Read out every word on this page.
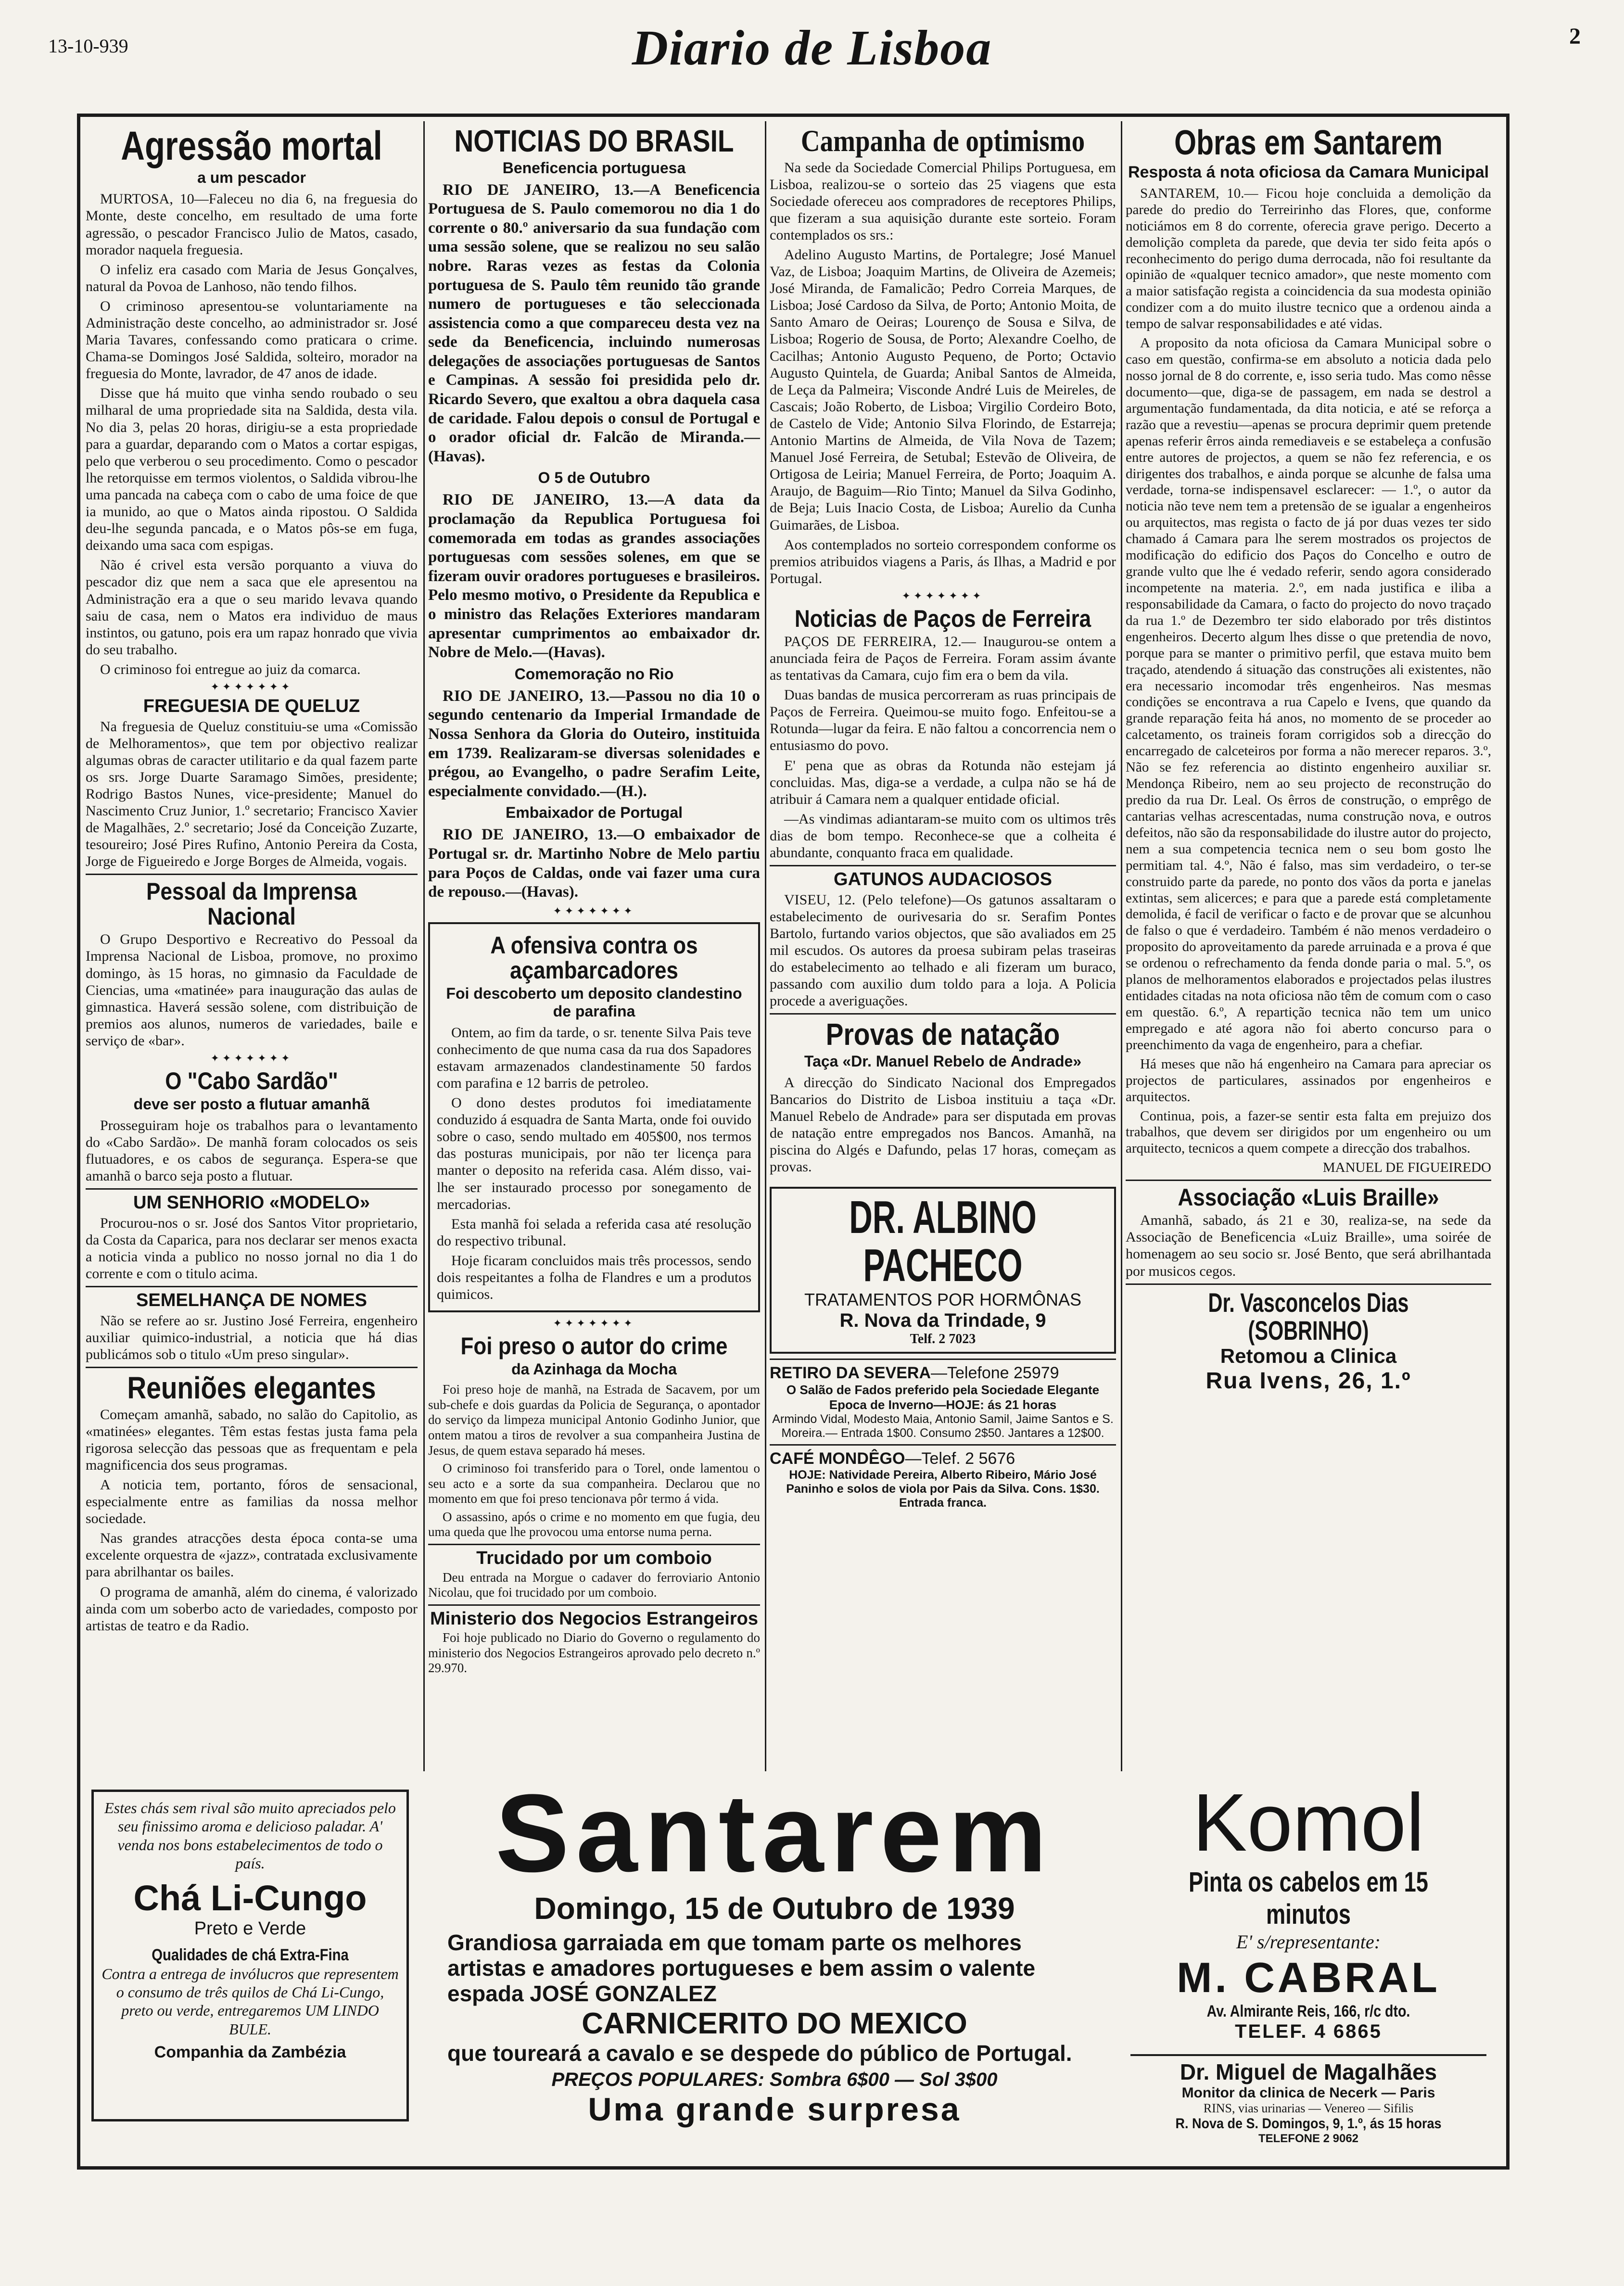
13-10-939	Diario de Lisboa	2
Agressão mortal
a um pescador

MURTOSA, 10—Faleceu no dia 6, na freguesia do Monte, deste concelho, em resultado de uma forte agressão, o pescador Francisco Julio de Matos, casado, morador naquela freguesia.

O infeliz era casado com Maria de Jesus Gonçalves, natural da Povoa de Lanhoso, não tendo filhos.

O criminoso apresentou-se voluntariamente na Administração deste concelho, ao administrador sr. José Maria Tavares, confessando como praticara o crime. Chama-se Domingos José Saldida, solteiro, morador na freguesia do Monte, lavrador, de 47 anos de idade.

Disse que há muito que vinha sendo roubado o seu milharal de uma propriedade sita na Saldida, desta vila. No dia 3, pelas 20 horas, dirigiu-se a esta propriedade para a guardar, deparando com o Matos a cortar espigas, pelo que verberou o seu procedimento. Como o pescador lhe retorquisse em termos violentos, o Saldida vibrou-lhe uma pancada na cabeça com o cabo de uma foice de que ia munido, ao que o Matos ainda ripostou. O Saldida deu-lhe segunda pancada, e o Matos pôs-se em fuga, deixando uma saca com espigas.

Não é crivel esta versão porquanto a viuva do pescador diz que nem a saca que ele apresentou na Administração era a que o seu marido levava quando saiu de casa, nem o Matos era individuo de maus instintos, ou gatuno, pois era um rapaz honrado que vivia do seu trabalho.

O criminoso foi entregue ao juiz da comarca.

✦✦✦✦✦✦✦
FREGUESIA DE QUELUZ

Na freguesia de Queluz constituiu-se uma «Comissão de Melhoramentos», que tem por objectivo realizar algumas obras de caracter utilitario e da qual fazem parte os srs. Jorge Duarte Saramago Simões, presidente; Rodrigo Bastos Nunes, vice-presidente; Manuel do Nascimento Cruz Junior, 1.º secretario; Francisco Xavier de Magalhães, 2.º secretario; José da Conceição Zuzarte, tesoureiro; José Pires Rufino, Antonio Pereira da Costa, Jorge de Figueiredo e Jorge Borges de Almeida, vogais.

Pessoal da Imprensa Nacional

O Grupo Desportivo e Recreativo do Pessoal da Imprensa Nacional de Lisboa, promove, no proximo domingo, às 15 horas, no gimnasio da Faculdade de Ciencias, uma «matinée» para inauguração das aulas de gimnastica. Haverá sessão solene, com distribuição de premios aos alunos, numeros de variedades, baile e serviço de «bar».

✦✦✦✦✦✦✦
O "Cabo Sardão"
deve ser posto a flutuar amanhã

Prosseguiram hoje os trabalhos para o levantamento do «Cabo Sardão». De manhã foram colocados os seis flutuadores, e os cabos de segurança. Espera-se que amanhã o barco seja posto a flutuar.

UM SENHORIO «MODELO»

Procurou-nos o sr. José dos Santos Vitor proprietario, da Costa da Caparica, para nos declarar ser menos exacta a noticia vinda a publico no nosso jornal no dia 1 do corrente e com o titulo acima.

SEMELHANÇA DE NOMES

Não se refere ao sr. Justino José Ferreira, engenheiro auxiliar quimico-industrial, a noticia que há dias publicámos sob o titulo «Um preso singular».

Reuniões elegantes

Começam amanhã, sabado, no salão do Capitolio, as «matinées» elegantes. Têm estas festas justa fama pela rigorosa selecção das pessoas que as frequentam e pela magnificencia dos seus programas.

A noticia tem, portanto, fóros de sensacional, especialmente entre as familias da nossa melhor sociedade.

Nas grandes atracções desta época conta-se uma excelente orquestra de «jazz», contratada exclusivamente para abrilhantar os bailes.

O programa de amanhã, além do cinema, é valorizado ainda com um soberbo acto de variedades, composto por artistas de teatro e da Radio.

NOTICIAS DO BRASIL
Beneficencia portuguesa

RIO DE JANEIRO, 13.—A Beneficencia Portuguesa de S. Paulo comemorou no dia 1 do corrente o 80.º aniversario da sua fundação com uma sessão solene, que se realizou no seu salão nobre. Raras vezes as festas da Colonia portuguesa de S. Paulo têm reunido tão grande numero de portugueses e tão seleccionada assistencia como a que compareceu desta vez na sede da Beneficencia, incluindo numerosas delegações de associações portuguesas de Santos e Campinas. A sessão foi presidida pelo dr. Ricardo Severo, que exaltou a obra daquela casa de caridade. Falou depois o consul de Portugal e o orador oficial dr. Falcão de Miranda.—(Havas).

O 5 de Outubro

RIO DE JANEIRO, 13.—A data da proclamação da Republica Portuguesa foi comemorada em todas as grandes associações portuguesas com sessões solenes, em que se fizeram ouvir oradores portugueses e brasileiros. Pelo mesmo motivo, o Presidente da Republica e o ministro das Relações Exteriores mandaram apresentar cumprimentos ao embaixador dr. Nobre de Melo.—(Havas).

Comemoração no Rio

RIO DE JANEIRO, 13.—Passou no dia 10 o segundo centenario da Imperial Irmandade de Nossa Senhora da Gloria do Outeiro, instituida em 1739. Realizaram-se diversas solenidades e prégou, ao Evangelho, o padre Serafim Leite, especialmente convidado.—(H.).

Embaixador de Portugal

RIO DE JANEIRO, 13.—O embaixador de Portugal sr. dr. Martinho Nobre de Melo partiu para Poços de Caldas, onde vai fazer uma cura de repouso.—(Havas).

✦✦✦✦✦✦✦
A ofensiva contra os açambarcadores
Foi descoberto um deposito clandestino de parafina

Ontem, ao fim da tarde, o sr. tenente Silva Pais teve conhecimento de que numa casa da rua dos Sapadores estavam armazenados clandestinamente 50 fardos com parafina e 12 barris de petroleo.

O dono destes produtos foi imediatamente conduzido á esquadra de Santa Marta, onde foi ouvido sobre o caso, sendo multado em 405$00, nos termos das posturas municipais, por não ter licença para manter o deposito na referida casa. Além disso, vai-lhe ser instaurado processo por sonegamento de mercadorias.

Esta manhã foi selada a referida casa até resolução do respectivo tribunal.

Hoje ficaram concluidos mais três processos, sendo dois respeitantes a folha de Flandres e um a produtos quimicos.

✦✦✦✦✦✦✦
Foi preso o autor do crime
da Azinhaga da Mocha

Foi preso hoje de manhã, na Estrada de Sacavem, por um sub-chefe e dois guardas da Policia de Segurança, o apontador do serviço da limpeza municipal Antonio Godinho Junior, que ontem matou a tiros de revolver a sua companheira Justina de Jesus, de quem estava separado há meses.

O criminoso foi transferido para o Torel, onde lamentou o seu acto e a sorte da sua companheira. Declarou que no momento em que foi preso tencionava pôr termo á vida.

O assassino, após o crime e no momento em que fugia, deu uma queda que lhe provocou uma entorse numa perna.

Trucidado por um comboio

Deu entrada na Morgue o cadaver do ferroviario Antonio Nicolau, que foi trucidado por um comboio.

Ministerio dos Negocios Estrangeiros

Foi hoje publicado no Diario do Governo o regulamento do ministerio dos Negocios Estrangeiros aprovado pelo decreto n.º 29.970.

Campanha de optimismo

Na sede da Sociedade Comercial Philips Portuguesa, em Lisboa, realizou-se o sorteio das 25 viagens que esta Sociedade ofereceu aos compradores de receptores Philips, que fizeram a sua aquisição durante este sorteio. Foram contemplados os srs.:

Adelino Augusto Martins, de Portalegre; José Manuel Vaz, de Lisboa; Joaquim Martins, de Oliveira de Azemeis; José Miranda, de Famalicão; Pedro Correia Marques, de Lisboa; José Cardoso da Silva, de Porto; Antonio Moita, de Santo Amaro de Oeiras; Lourenço de Sousa e Silva, de Lisboa; Rogerio de Sousa, de Porto; Alexandre Coelho, de Cacilhas; Antonio Augusto Pequeno, de Porto; Octavio Augusto Quintela, de Guarda; Anibal Santos de Almeida, de Leça da Palmeira; Visconde André Luis de Meireles, de Cascais; João Roberto, de Lisboa; Virgilio Cordeiro Boto, de Castelo de Vide; Antonio Silva Florindo, de Estarreja; Antonio Martins de Almeida, de Vila Nova de Tazem; Manuel José Ferreira, de Setubal; Estevão de Oliveira, de Ortigosa de Leiria; Manuel Ferreira, de Porto; Joaquim A. Araujo, de Baguim—Rio Tinto; Manuel da Silva Godinho, de Beja; Luis Inacio Costa, de Lisboa; Aurelio da Cunha Guimarães, de Lisboa.

Aos contemplados no sorteio correspondem conforme os premios atribuidos viagens a Paris, ás Ilhas, a Madrid e por Portugal.

✦✦✦✦✦✦✦
Noticias de Paços de Ferreira

PAÇOS DE FERREIRA, 12.— Inaugurou-se ontem a anunciada feira de Paços de Ferreira. Foram assim ávante as tentativas da Camara, cujo fim era o bem da vila.

Duas bandas de musica percorreram as ruas principais de Paços de Ferreira. Queimou-se muito fogo. Enfeitou-se a Rotunda—lugar da feira. E não faltou a concorrencia nem o entusiasmo do povo.

E' pena que as obras da Rotunda não estejam já concluidas. Mas, diga-se a verdade, a culpa não se há de atribuir á Camara nem a qualquer entidade oficial.

—As vindimas adiantaram-se muito com os ultimos três dias de bom tempo. Reconhece-se que a colheita é abundante, conquanto fraca em qualidade.

GATUNOS AUDACIOSOS

VISEU, 12. (Pelo telefone)—Os gatunos assaltaram o estabelecimento de ourivesaria do sr. Serafim Pontes Bartolo, furtando varios objectos, que são avaliados em 25 mil escudos. Os autores da proesa subiram pelas traseiras do estabelecimento ao telhado e ali fizeram um buraco, passando com auxilio dum toldo para a loja. A Policia procede a averiguações.

Provas de natação
Taça «Dr. Manuel Rebelo de Andrade»

A direcção do Sindicato Nacional dos Empregados Bancarios do Distrito de Lisboa instituiu a taça «Dr. Manuel Rebelo de Andrade» para ser disputada em provas de natação entre empregados nos Bancos. Amanhã, na piscina do Algés e Dafundo, pelas 17 horas, começam as provas.

DR. ALBINO PACHECO
TRATAMENTOS POR HORMÔNAS
R. Nova da Trindade, 9
Telf. 2 7023
RETIRO DA SEVERA—Telefone 25979
O Salão de Fados preferido pela Sociedade Elegante
Epoca de Inverno—HOJE: ás 21 horas
Armindo Vidal, Modesto Maia, Antonio Samil, Jaime Santos e S. Moreira.— Entrada 1$00. Consumo 2$50. Jantares a 12$00.
CAFÉ MONDÊGO—Telef. 2 5676
HOJE: Natividade Pereira, Alberto Ribeiro, Mário José Paninho e solos de viola por Pais da Silva. Cons. 1$30. Entrada franca.
Obras em Santarem
Resposta á nota oficiosa da Camara Municipal

SANTAREM, 10.— Ficou hoje concluida a demolição da parede do predio do Terreirinho das Flores, que, conforme noticiámos em 8 do corrente, oferecia grave perigo. Decerto a demolição completa da parede, que devia ter sido feita após o reconhecimento do perigo duma derrocada, não foi resultante da opinião de «qualquer tecnico amador», que neste momento com a maior satisfação regista a coincidencia da sua modesta opinião condizer com a do muito ilustre tecnico que a ordenou ainda a tempo de salvar responsabilidades e até vidas.

A proposito da nota oficiosa da Camara Municipal sobre o caso em questão, confirma-se em absoluto a noticia dada pelo nosso jornal de 8 do corrente, e, isso seria tudo. Mas como nêsse documento—que, diga-se de passagem, em nada se destrol a argumentação fundamentada, da dita noticia, e até se reforça a razão que a revestiu—apenas se procura deprimir quem pretende apenas referir êrros ainda remediaveis e se estabeleça a confusão entre autores de projectos, a quem se não fez referencia, e os dirigentes dos trabalhos, e ainda porque se alcunhe de falsa uma verdade, torna-se indispensavel esclarecer: — 1.º, o autor da noticia não teve nem tem a pretensão de se igualar a engenheiros ou arquitectos, mas regista o facto de já por duas vezes ter sido chamado á Camara para lhe serem mostrados os projectos de modificação do edificio dos Paços do Concelho e outro de grande vulto que lhe é vedado referir, sendo agora considerado incompetente na materia. 2.º, em nada justifica e iliba a responsabilidade da Camara, o facto do projecto do novo traçado da rua 1.º de Dezembro ter sido elaborado por três distintos engenheiros. Decerto algum lhes disse o que pretendia de novo, porque para se manter o primitivo perfil, que estava muito bem traçado, atendendo á situação das construções ali existentes, não era necessario incomodar três engenheiros. Nas mesmas condições se encontrava a rua Capelo e Ivens, que quando da grande reparação feita há anos, no momento de se proceder ao calcetamento, os traineis foram corrigidos sob a direcção do encarregado de calceteiros por forma a não merecer reparos. 3.º, Não se fez referencia ao distinto engenheiro auxiliar sr. Mendonça Ribeiro, nem ao seu projecto de reconstrução do predio da rua Dr. Leal. Os êrros de construção, o emprêgo de cantarias velhas acrescentadas, numa construção nova, e outros defeitos, não são da responsabilidade do ilustre autor do projecto, nem a sua competencia tecnica nem o seu bom gosto lhe permitiam tal. 4.º, Não é falso, mas sim verdadeiro, o ter-se construido parte da parede, no ponto dos vãos da porta e janelas extintas, sem alicerces; e para que a parede está completamente demolida, é facil de verificar o facto e de provar que se alcunhou de falso o que é verdadeiro. Também é não menos verdadeiro o proposito do aproveitamento da parede arruinada e a prova é que se ordenou o refrechamento da fenda donde paria o mal. 5.º, os planos de melhoramentos elaborados e projectados pelas ilustres entidades citadas na nota oficiosa não têm de comum com o caso em questão. 6.º, A repartição tecnica não tem um unico empregado e até agora não foi aberto concurso para o preenchimento da vaga de engenheiro, para a chefiar.

Há meses que não há engenheiro na Camara para apreciar os projectos de particulares, assinados por engenheiros e arquitectos.

Continua, pois, a fazer-se sentir esta falta em prejuizo dos trabalhos, que devem ser dirigidos por um engenheiro ou um arquitecto, tecnicos a quem compete a direcção dos trabalhos.

MANUEL DE FIGUEIREDO
Associação «Luis Braille»

Amanhã, sabado, ás 21 e 30, realiza-se, na sede da Associação de Beneficencia «Luiz Braille», uma soirée de homenagem ao seu socio sr. José Bento, que será abrilhantada por musicos cegos.

Dr. Vasconcelos Dias (SOBRINHO)
Retomou a Clinica
Rua Ivens, 26, 1.º
Estes chás sem rival são muito apreciados pelo seu finissimo aroma e delicioso paladar. A' venda nos bons estabelecimentos de todo o país.
Chá Li-Cungo
Preto e Verde
Qualidades de chá Extra-Fina
Contra a entrega de invólucros que representem o consumo de três quilos de Chá Li-Cungo, preto ou verde, entregaremos UM LINDO BULE.
Companhia da Zambézia
Santarem
Domingo, 15 de Outubro de 1939
Grandiosa garraiada em que tomam parte os melhores artistas e amadores portugueses e bem assim o valente espada JOSÉ GONZALEZ
CARNICERITO DO MEXICO
que toureará a cavalo e se despede do público de Portugal.
PREÇOS POPULARES: Sombra 6$00 — Sol 3$00
Uma grande surpresa
Komol
Pinta os cabelos em 15 minutos
E' s/representante:
M. CABRAL
Av. Almirante Reis, 166, r/c dto.
TELEF. 4 6865
Dr. Miguel de Magalhães
Monitor da clinica de Necerk — Paris
RINS, vias urinarias — Venereo — Sifilis
R. Nova de S. Domingos, 9, 1.º, ás 15 horas
TELEFONE 2 9062
